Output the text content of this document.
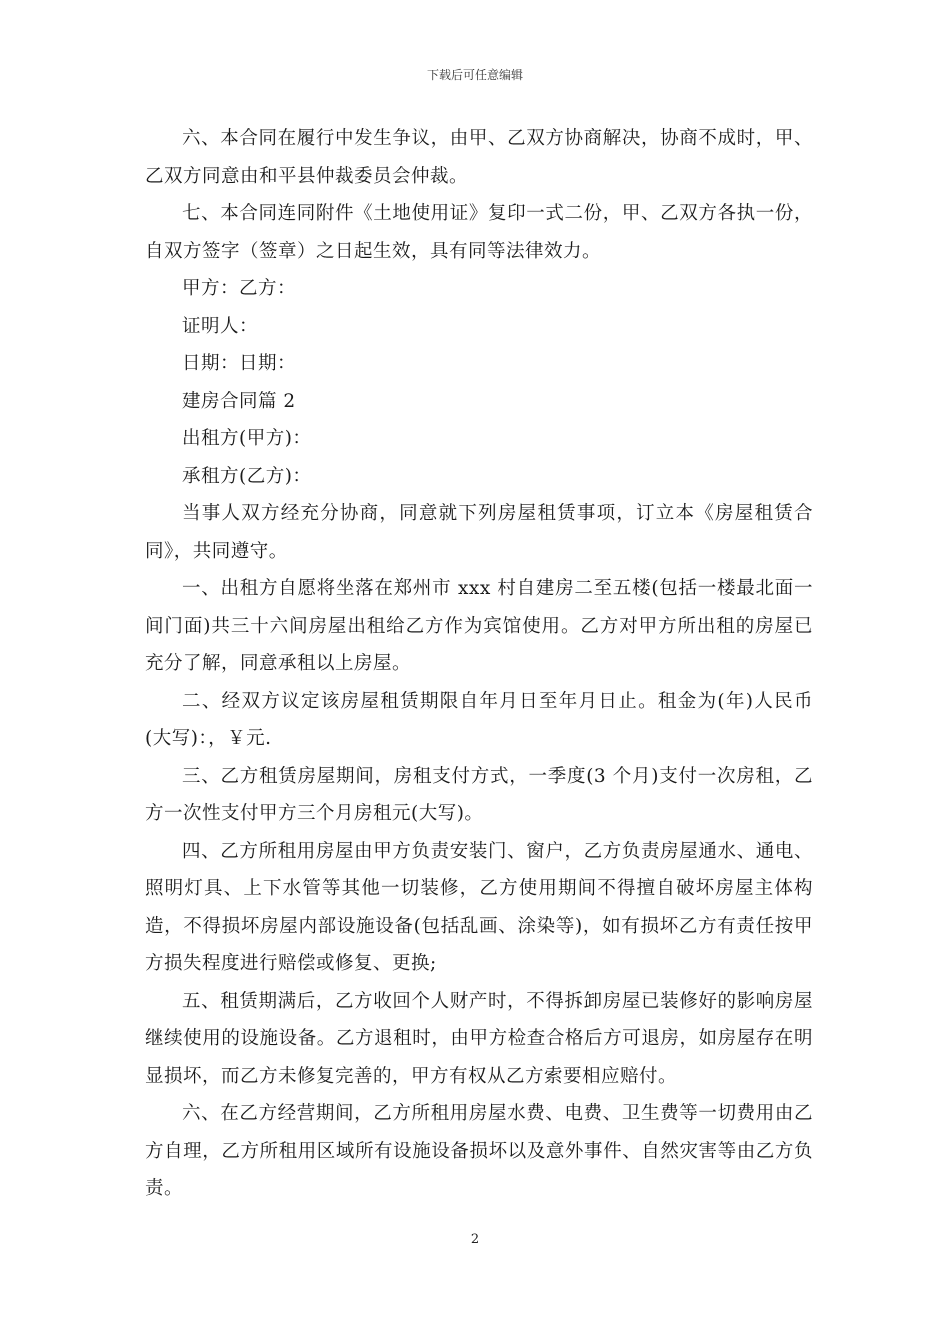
下载后可任意编辑

六、本合同在履行中发生争议，由甲、乙双方协商解决，协商不成时，甲、乙双方同意由和平县仲裁委员会仲裁。

七、本合同连同附件《土地使用证》复印一式二份，甲、乙双方各执一份，自双方签字（签章）之日起生效，具有同等法律效力。

甲方：乙方：

证明人：

日期：日期：

建房合同篇 2

出租方(甲方)：

承租方(乙方)：

当事人双方经充分协商，同意就下列房屋租赁事项，订立本《房屋租赁合同》，共同遵守。

一、出租方自愿将坐落在郑州市 xxx 村自建房二至五楼(包括一楼最北面一间门面)共三十六间房屋出租给乙方作为宾馆使用。乙方对甲方所出租的房屋已充分了解，同意承租以上房屋。

二、经双方议定该房屋租赁期限自年月日至年月日止。租金为(年)人民币(大写)：，￥元.

三、乙方租赁房屋期间，房租支付方式，一季度(3 个月)支付一次房租，乙方一次性支付甲方三个月房租元(大写)。

四、乙方所租用房屋由甲方负责安装门、窗户，乙方负责房屋通水、通电、照明灯具、上下水管等其他一切装修，乙方使用期间不得擅自破坏房屋主体构造，不得损坏房屋内部设施设备(包括乱画、涂染等)，如有损坏乙方有责任按甲方损失程度进行赔偿或修复、更换;

五、租赁期满后，乙方收回个人财产时，不得拆卸房屋已装修好的影响房屋继续使用的设施设备。乙方退租时，由甲方检查合格后方可退房，如房屋存在明显损坏，而乙方未修复完善的，甲方有权从乙方索要相应赔付。

六、在乙方经营期间，乙方所租用房屋水费、电费、卫生费等一切费用由乙方自理，乙方所租用区域所有设施设备损坏以及意外事件、自然灾害等由乙方负责。

2
